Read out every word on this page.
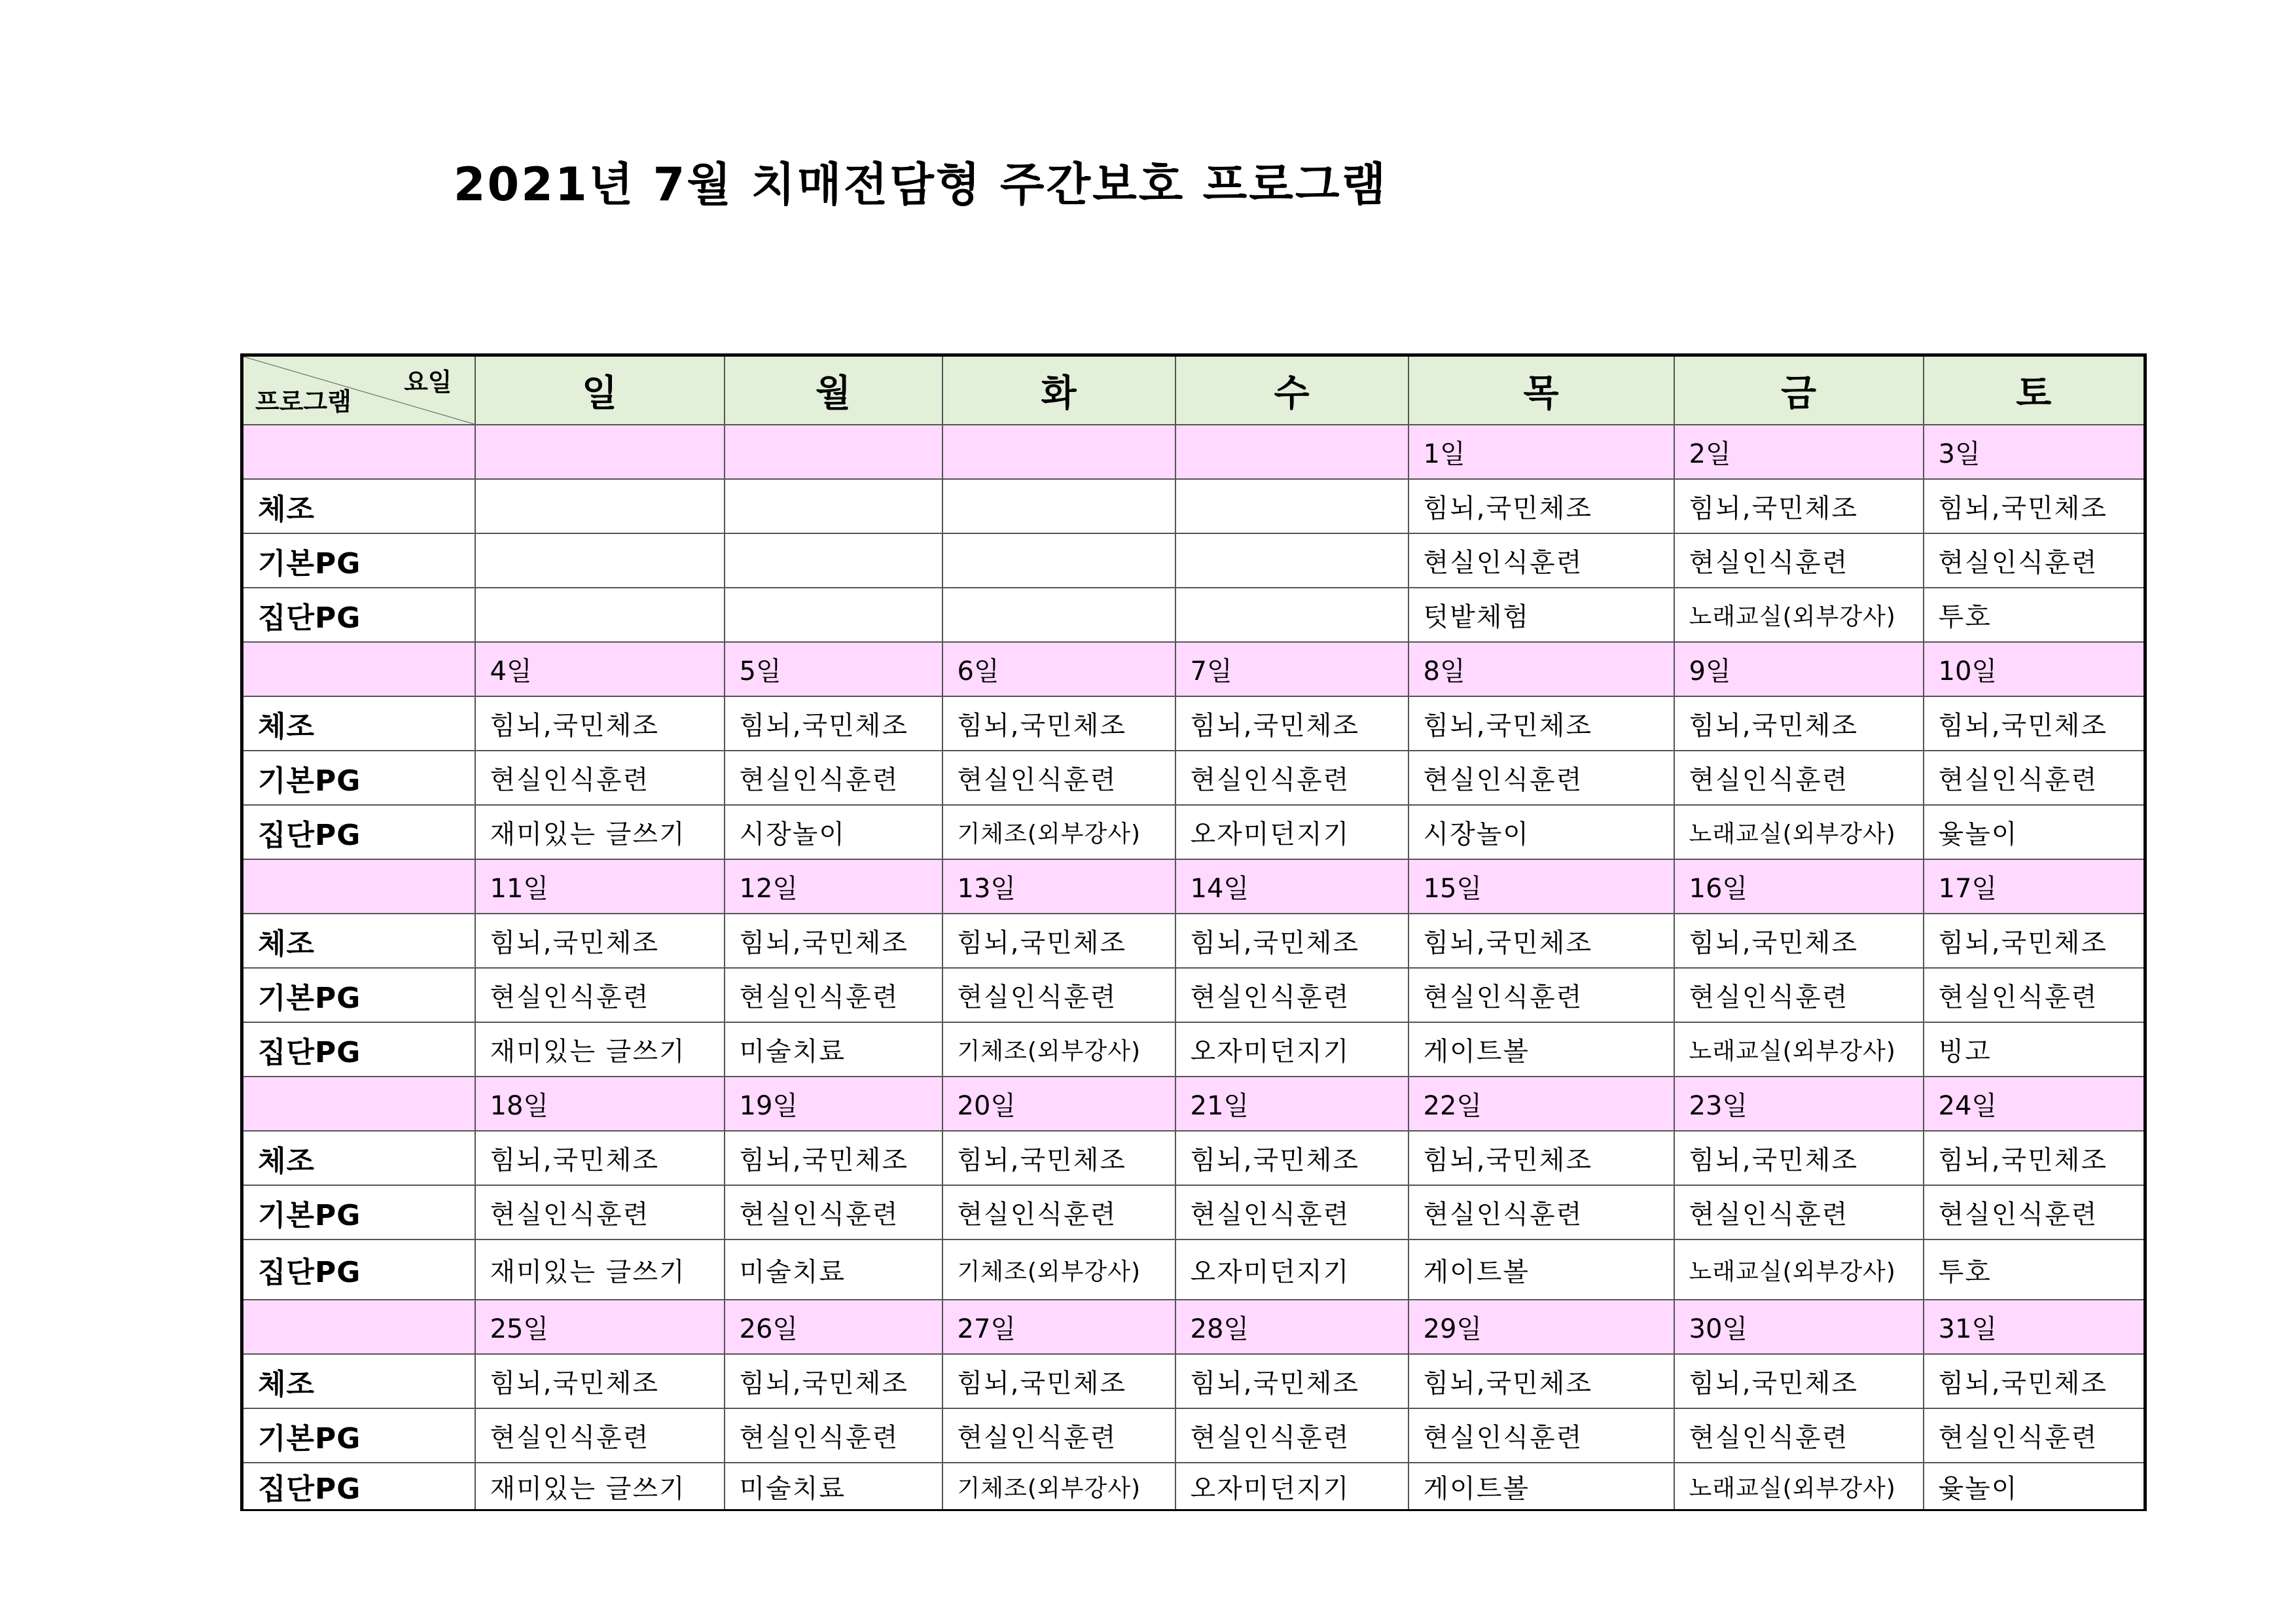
2021년 7월 치매전담형 주간보호 프로그램
요일
프로그램	일	월	화	수	목	금	토
					1일	2일	3일
체조					힘뇌,국민체조	힘뇌,국민체조	힘뇌,국민체조
기본PG					현실인식훈련	현실인식훈련	현실인식훈련
집단PG					텃밭체험	노래교실(외부강사)	투호
	4일	5일	6일	7일	8일	9일	10일
체조	힘뇌,국민체조	힘뇌,국민체조	힘뇌,국민체조	힘뇌,국민체조	힘뇌,국민체조	힘뇌,국민체조	힘뇌,국민체조
기본PG	현실인식훈련	현실인식훈련	현실인식훈련	현실인식훈련	현실인식훈련	현실인식훈련	현실인식훈련
집단PG	재미있는 글쓰기	시장놀이	기체조(외부강사)	오자미던지기	시장놀이	노래교실(외부강사)	윷놀이
	11일	12일	13일	14일	15일	16일	17일
체조	힘뇌,국민체조	힘뇌,국민체조	힘뇌,국민체조	힘뇌,국민체조	힘뇌,국민체조	힘뇌,국민체조	힘뇌,국민체조
기본PG	현실인식훈련	현실인식훈련	현실인식훈련	현실인식훈련	현실인식훈련	현실인식훈련	현실인식훈련
집단PG	재미있는 글쓰기	미술치료	기체조(외부강사)	오자미던지기	게이트볼	노래교실(외부강사)	빙고
	18일	19일	20일	21일	22일	23일	24일
체조	힘뇌,국민체조	힘뇌,국민체조	힘뇌,국민체조	힘뇌,국민체조	힘뇌,국민체조	힘뇌,국민체조	힘뇌,국민체조
기본PG	현실인식훈련	현실인식훈련	현실인식훈련	현실인식훈련	현실인식훈련	현실인식훈련	현실인식훈련
집단PG	재미있는 글쓰기	미술치료	기체조(외부강사)	오자미던지기	게이트볼	노래교실(외부강사)	투호
	25일	26일	27일	28일	29일	30일	31일
체조	힘뇌,국민체조	힘뇌,국민체조	힘뇌,국민체조	힘뇌,국민체조	힘뇌,국민체조	힘뇌,국민체조	힘뇌,국민체조
기본PG	현실인식훈련	현실인식훈련	현실인식훈련	현실인식훈련	현실인식훈련	현실인식훈련	현실인식훈련
집단PG	재미있는 글쓰기	미술치료	기체조(외부강사)	오자미던지기	게이트볼	노래교실(외부강사)	윷놀이
